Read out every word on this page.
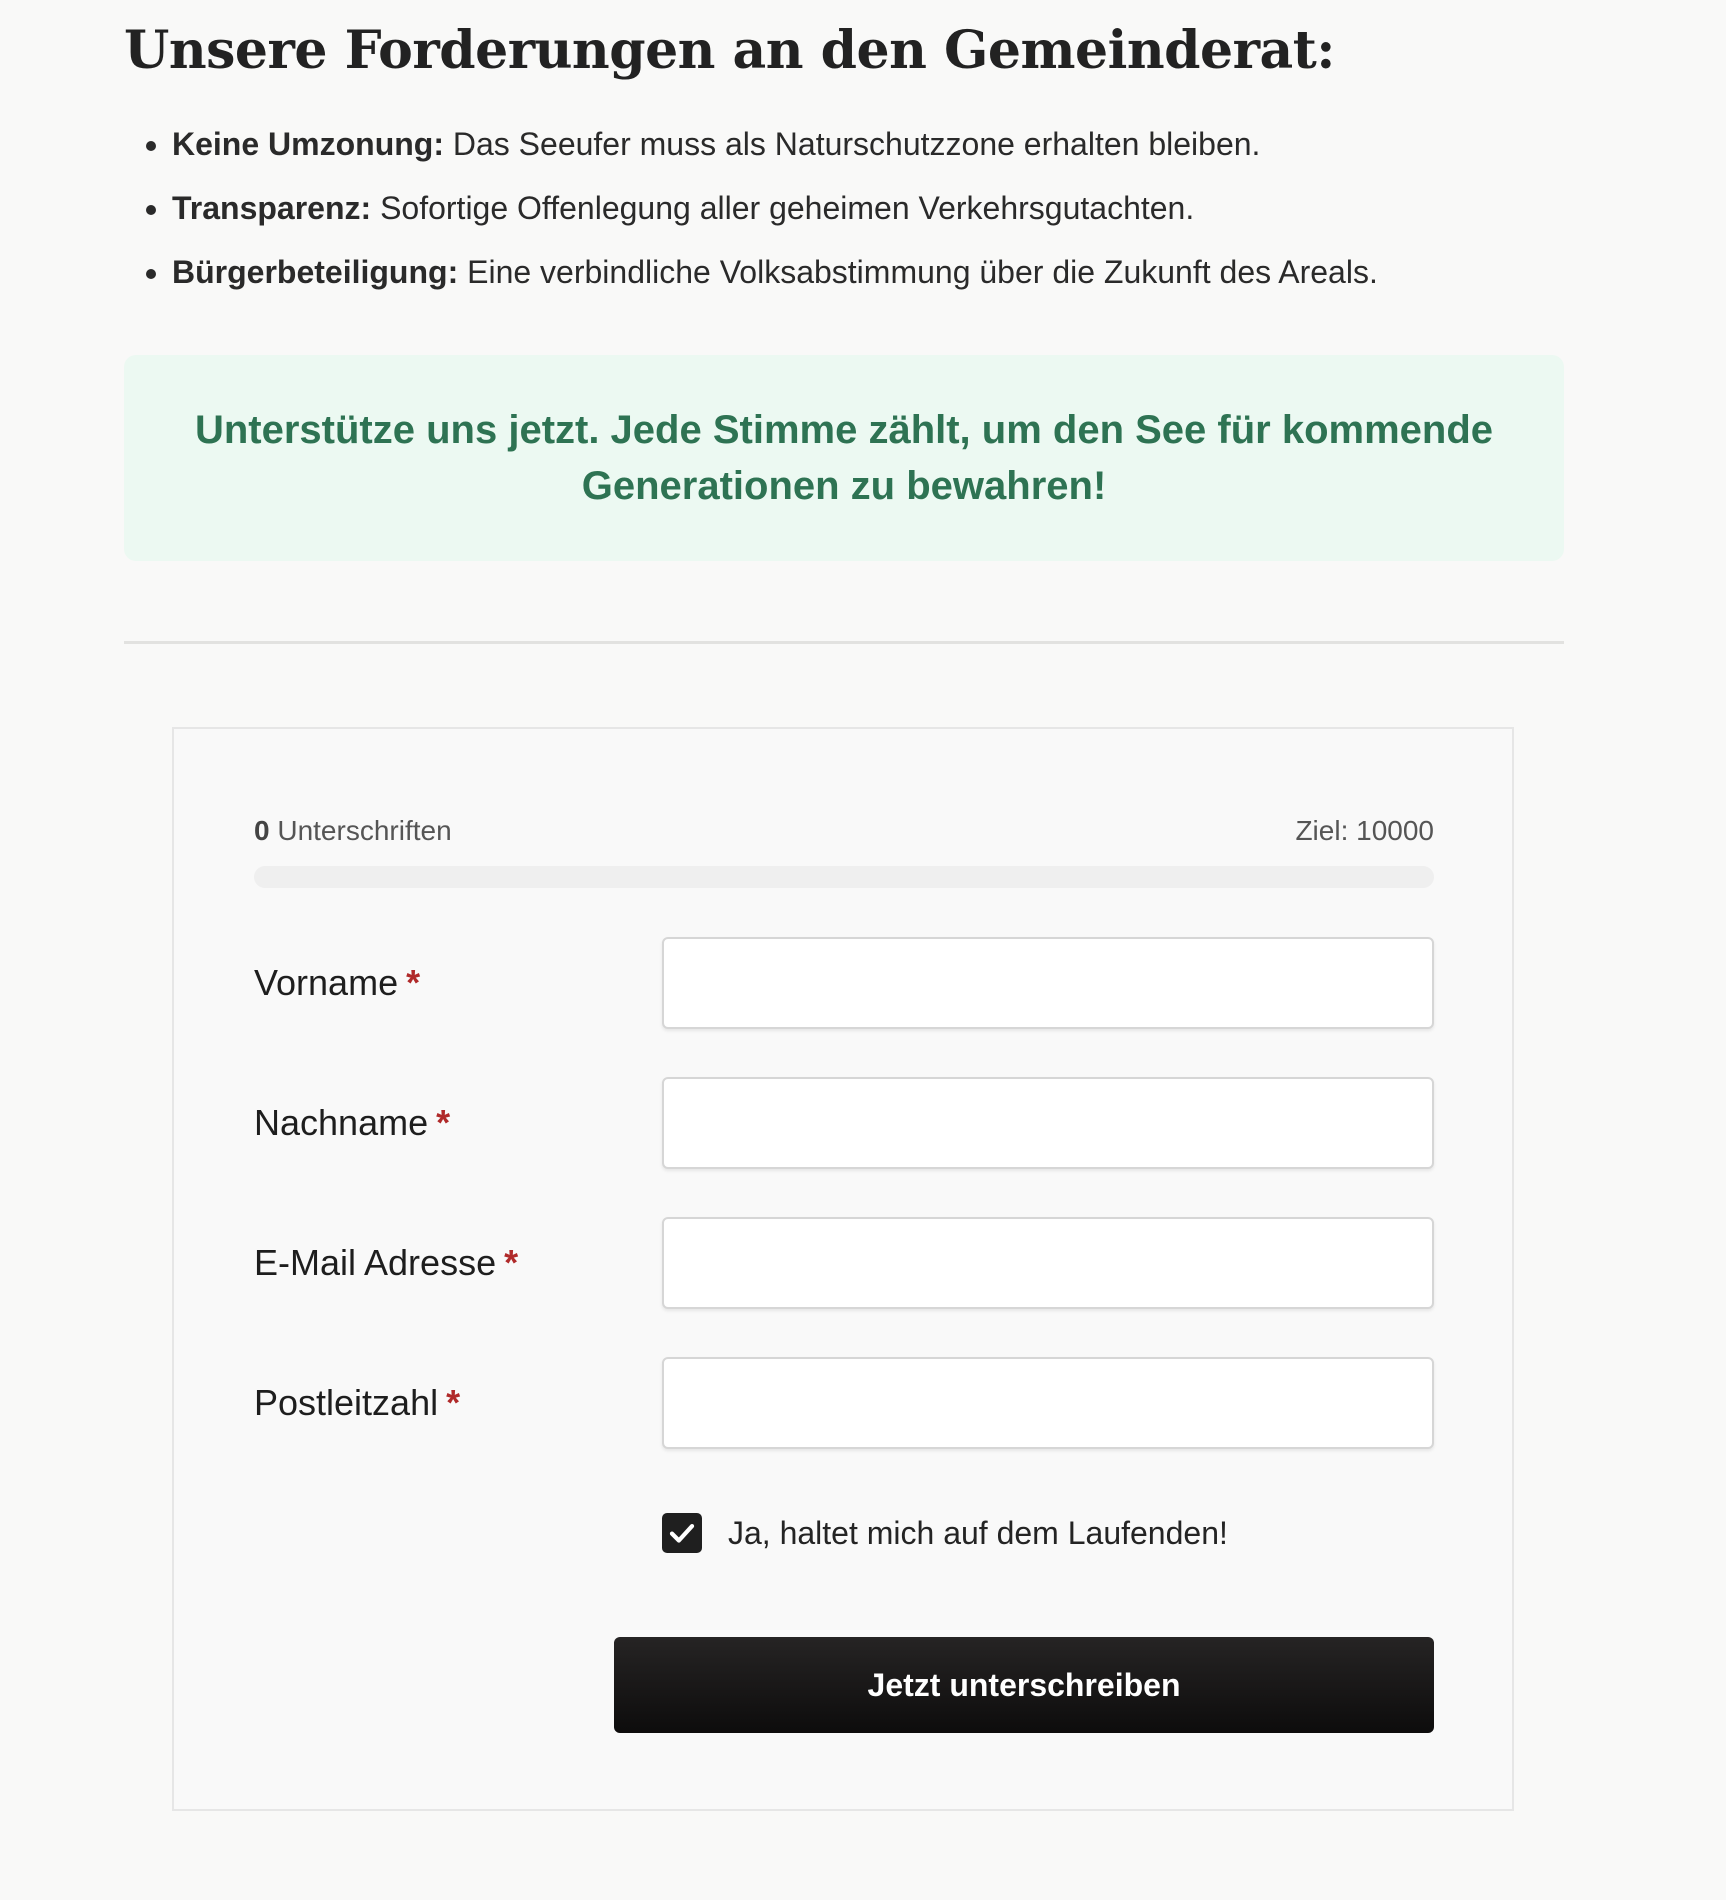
Unsere Forderungen an den Gemeinderat:
• Keine Umzonung: Das Seeufer muss als Naturschutzzone erhalten bleiben.
• Transparenz: Sofortige Offenlegung aller geheimen Verkehrsgutachten.
• Bürgerbeteiligung: Eine verbindliche Volksabstimmung über die Zukunft des Areals.

Unterstütze uns jetzt. Jede Stimme zählt, um den See für kommende Generationen zu bewahren!

0 Unterschriften	Ziel: 10000
Vorname *
Nachname *
E-Mail Adresse *
Postleitzahl *
Ja, haltet mich auf dem Laufenden!
Jetzt unterschreiben
